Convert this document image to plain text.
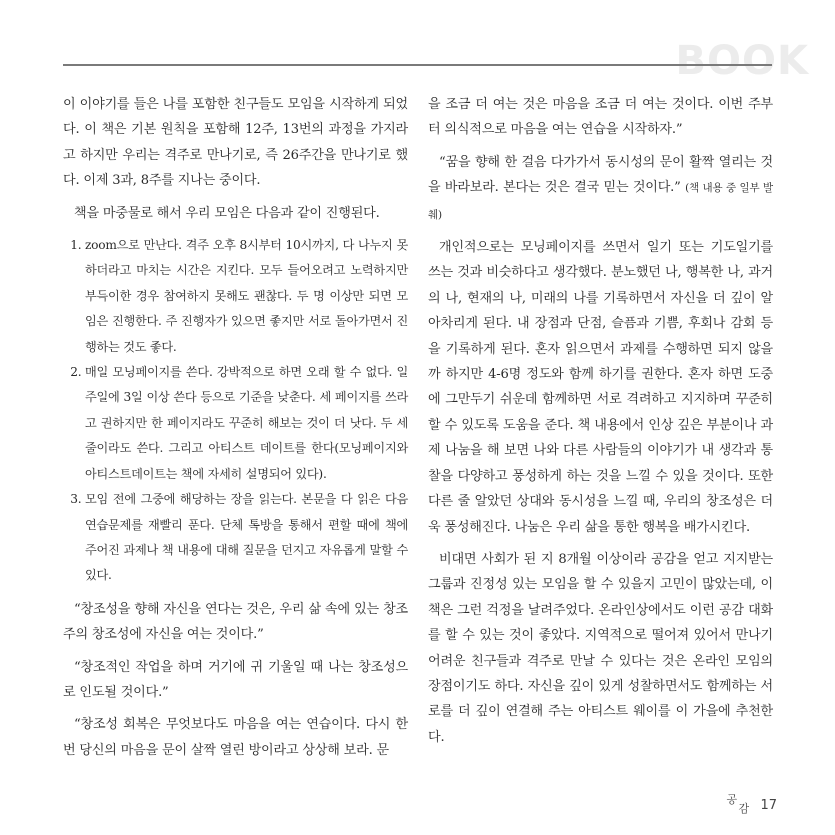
BOOK

이 이야기를 들은 나를 포함한 친구들도 모임을 시작하게 되었다. 이 책은 기본 원칙을 포함해 12주, 13번의 과정을 가지라고 하지만 우리는 격주로 만나기로, 즉 26주간을 만나기로 했다. 이제 3과, 8주를 지나는 중이다.

책을 마중물로 해서 우리 모임은 다음과 같이 진행된다.

1. zoom으로 만난다. 격주 오후 8시부터 10시까지, 다 나누지 못하더라고 마치는 시간은 지킨다. 모두 들어오려고 노력하지만 부득이한 경우 참여하지 못해도 괜찮다. 두 명 이상만 되면 모임은 진행한다. 주 진행자가 있으면 좋지만 서로 돌아가면서 진행하는 것도 좋다.
2. 매일 모닝페이지를 쓴다. 강박적으로 하면 오래 할 수 없다. 일주일에 3일 이상 쓴다 등으로 기준을 낮춘다. 세 페이지를 쓰라고 권하지만 한 페이지라도 꾸준히 해보는 것이 더 낫다. 두 세줄이라도 쓴다. 그리고 아티스트 데이트를 한다(모닝페이지와 아티스트데이트는 책에 자세히 설명되어 있다).
3. 모임 전에 그중에 해당하는 장을 읽는다. 본문을 다 읽은 다음 연습문제를 재빨리 푼다. 단체 톡방을 통해서 편할 때에 책에 주어진 과제나 책 내용에 대해 질문을 던지고 자유롭게 말할 수 있다.

“창조성을 향해 자신을 연다는 것은, 우리 삶 속에 있는 창조주의 창조성에 자신을 여는 것이다.”

“창조적인 작업을 하며 거기에 귀 기울일 때 나는 창조성으로 인도될 것이다.”

“창조성 회복은 무엇보다도 마음을 여는 연습이다. 다시 한 번 당신의 마음을 문이 살짝 열린 방이라고 상상해 보라. 문

을 조금 더 여는 것은 마음을 조금 더 여는 것이다. 이번 주부터 의식적으로 마음을 여는 연습을 시작하자.”

“꿈을 향해 한 걸음 다가가서 동시성의 문이 활짝 열리는 것을 바라보라. 본다는 것은 결국 믿는 것이다.” (책 내용 중 일부 발췌)

개인적으로는 모닝페이지를 쓰면서 일기 또는 기도일기를 쓰는 것과 비슷하다고 생각했다. 분노했던 나, 행복한 나, 과거의 나, 현재의 나, 미래의 나를 기록하면서 자신을 더 깊이 알아차리게 된다. 내 장점과 단점, 슬픔과 기쁨, 후회나 감회 등을 기록하게 된다. 혼자 읽으면서 과제를 수행하면 되지 않을까 하지만 4-6명 정도와 함께 하기를 권한다. 혼자 하면 도중에 그만두기 쉬운데 함께하면 서로 격려하고 지지하며 꾸준히 할 수 있도록 도움을 준다. 책 내용에서 인상 깊은 부분이나 과제 나눔을 해 보면 나와 다른 사람들의 이야기가 내 생각과 통찰을 다양하고 풍성하게 하는 것을 느낄 수 있을 것이다. 또한 다른 줄 알았던 상대와 동시성을 느낄 때, 우리의 창조성은 더욱 풍성해진다. 나눔은 우리 삶을 통한 행복을 배가시킨다.

비대면 사회가 된 지 8개월 이상이라 공감을 얻고 지지받는 그룹과 진정성 있는 모임을 할 수 있을지 고민이 많았는데, 이 책은 그런 걱정을 날려주었다. 온라인상에서도 이런 공감 대화를 할 수 있는 것이 좋았다. 지역적으로 떨어져 있어서 만나기 어려운 친구들과 격주로 만날 수 있다는 것은 온라인 모임의 장점이기도 하다. 자신을 깊이 있게 성찰하면서도 함께하는 서로를 더 깊이 연결해 주는 아티스트 웨이를 이 가을에 추천한다.

공
감 17
